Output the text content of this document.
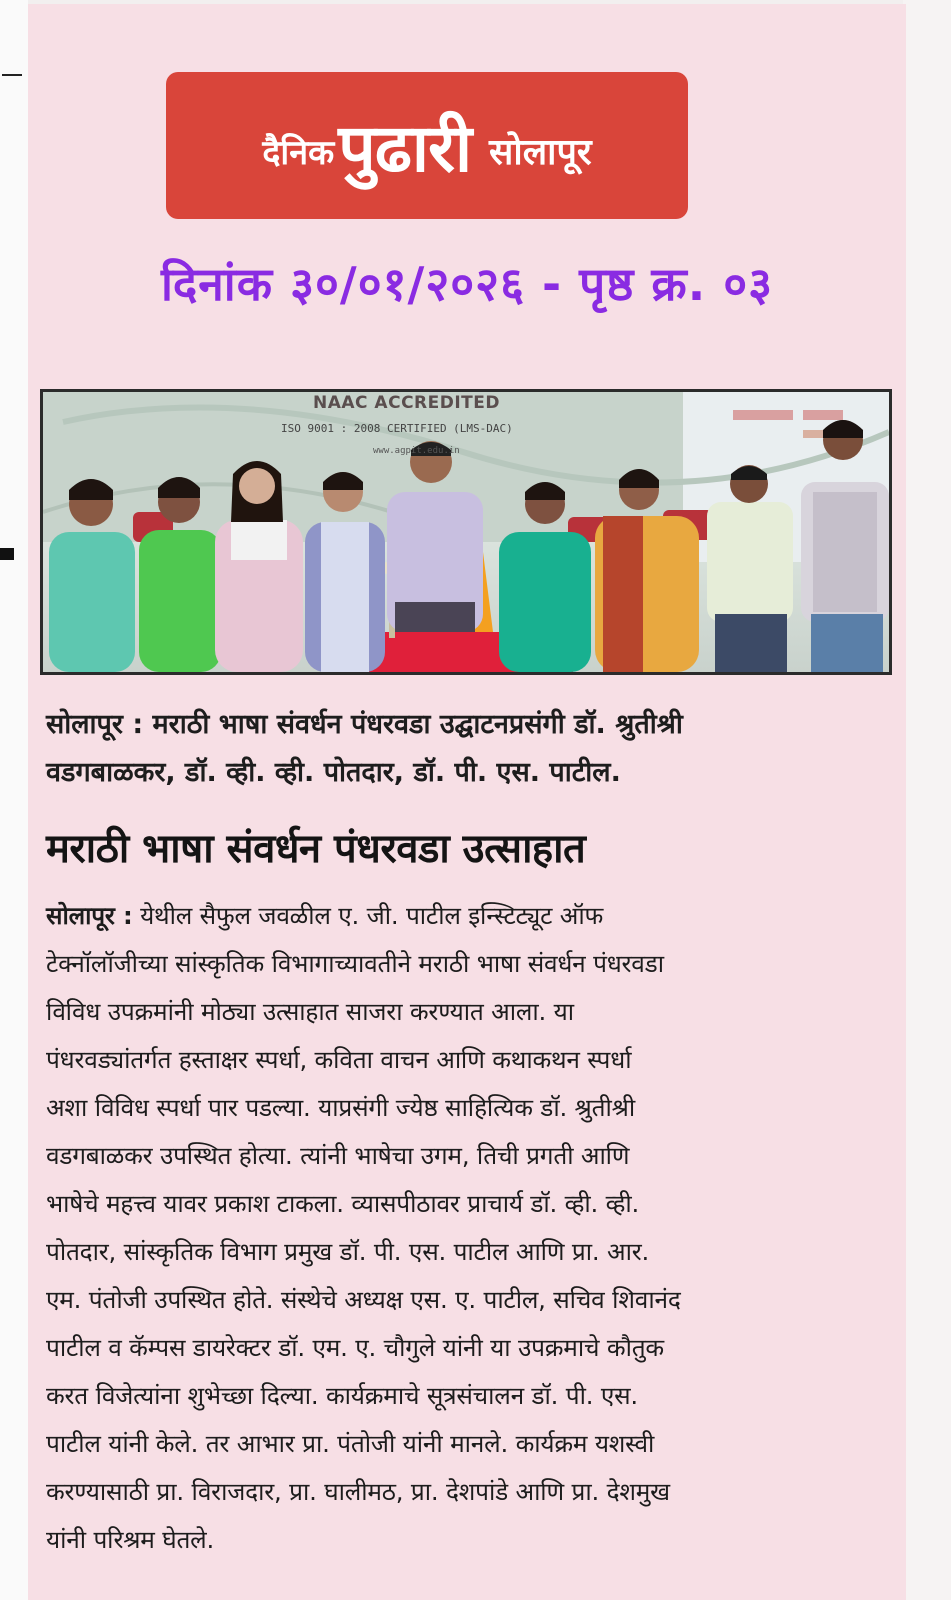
दैनिक पुढारी सोलापूर
दिनांक ३०/०१/२०२६ - पृष्ठ क्र. ०३
NAAC ACCREDITED
ISO 9001 : 2008 CERTIFIED (LMS-DAC)
www.agpit.edu.in
सोलापूर : मराठी भाषा संवर्धन पंधरवडा उद्घाटनप्रसंगी डॉ. श्रुतीश्री
वडगबाळकर, डॉ. व्ही. व्ही. पोतदार, डॉ. पी. एस. पाटील.
मराठी भाषा संवर्धन पंधरवडा उत्साहात
सोलापूर : येथील सैफुल जवळील ए. जी. पाटील इन्स्टिट्यूट ऑफ
टेक्नॉलॉजीच्या सांस्कृतिक विभागाच्यावतीने मराठी भाषा संवर्धन पंधरवडा
विविध उपक्रमांनी मोठ्या उत्साहात साजरा करण्यात आला. या
पंधरवड्यांतर्गत हस्ताक्षर स्पर्धा, कविता वाचन आणि कथाकथन स्पर्धा
अशा विविध स्पर्धा पार पडल्या. याप्रसंगी ज्येष्ठ साहित्यिक डॉ. श्रुतीश्री
वडगबाळकर उपस्थित होत्या. त्यांनी भाषेचा उगम, तिची प्रगती आणि
भाषेचे महत्त्व यावर प्रकाश टाकला. व्यासपीठावर प्राचार्य डॉ. व्ही. व्ही.
पोतदार, सांस्कृतिक विभाग प्रमुख डॉ. पी. एस. पाटील आणि प्रा. आर.
एम. पंतोजी उपस्थित होते. संस्थेचे अध्यक्ष एस. ए. पाटील, सचिव शिवानंद
पाटील व कॅम्पस डायरेक्टर डॉ. एम. ए. चौगुले यांनी या उपक्रमाचे कौतुक
करत विजेत्यांना शुभेच्छा दिल्या. कार्यक्रमाचे सूत्रसंचालन डॉ. पी. एस.
पाटील यांनी केले. तर आभार प्रा. पंतोजी यांनी मानले. कार्यक्रम यशस्वी
करण्यासाठी प्रा. विराजदार, प्रा. घालीमठ, प्रा. देशपांडे आणि प्रा. देशमुख
यांनी परिश्रम घेतले.
